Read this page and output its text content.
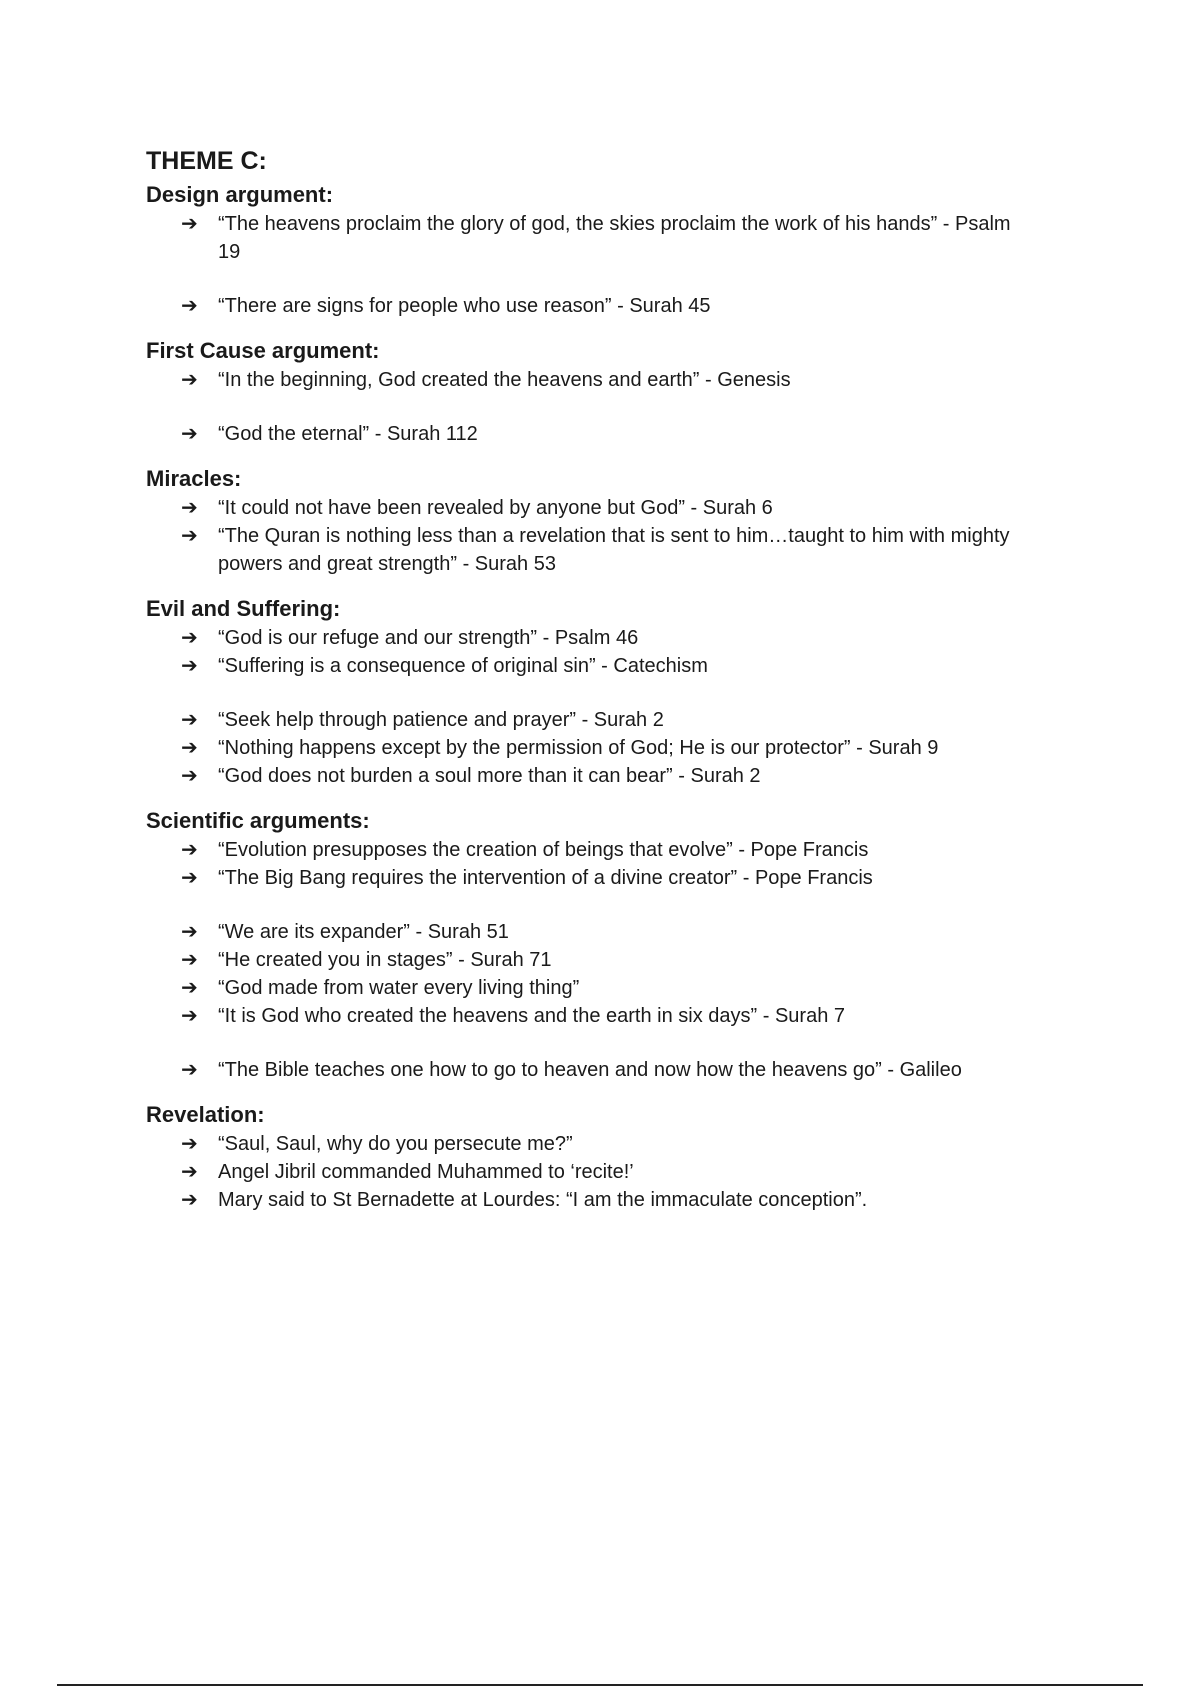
THEME C:
Design argument:
➔	“The heavens proclaim the glory of god, the skies proclaim the work of his hands” - Psalm 19
➔	“There are signs for people who use reason” - Surah 45
First Cause argument:
➔	“In the beginning, God created the heavens and earth” - Genesis
➔	“God the eternal” - Surah 112
Miracles:
➔	“It could not have been revealed by anyone but God” - Surah 6
➔	“The Quran is nothing less than a revelation that is sent to him…taught to him with mighty powers and great strength” - Surah 53
Evil and Suffering:
➔	“God is our refuge and our strength” - Psalm 46
➔	“Suffering is a consequence of original sin” - Catechism
➔	“Seek help through patience and prayer” - Surah 2
➔	“Nothing happens except by the permission of God; He is our protector” - Surah 9
➔	“God does not burden a soul more than it can bear” - Surah 2
Scientific arguments:
➔	“Evolution presupposes the creation of beings that evolve” - Pope Francis
➔	“The Big Bang requires the intervention of a divine creator” - Pope Francis
➔	“We are its expander” - Surah 51
➔	“He created you in stages” - Surah 71
➔	“God made from water every living thing”
➔	“It is God who created the heavens and the earth in six days” - Surah 7
➔	“The Bible teaches one how to go to heaven and now how the heavens go” - Galileo
Revelation:
➔	“Saul, Saul, why do you persecute me?”
➔	Angel Jibril commanded Muhammed to ‘recite!’
➔	Mary said to St Bernadette at Lourdes: “I am the immaculate conception”.
